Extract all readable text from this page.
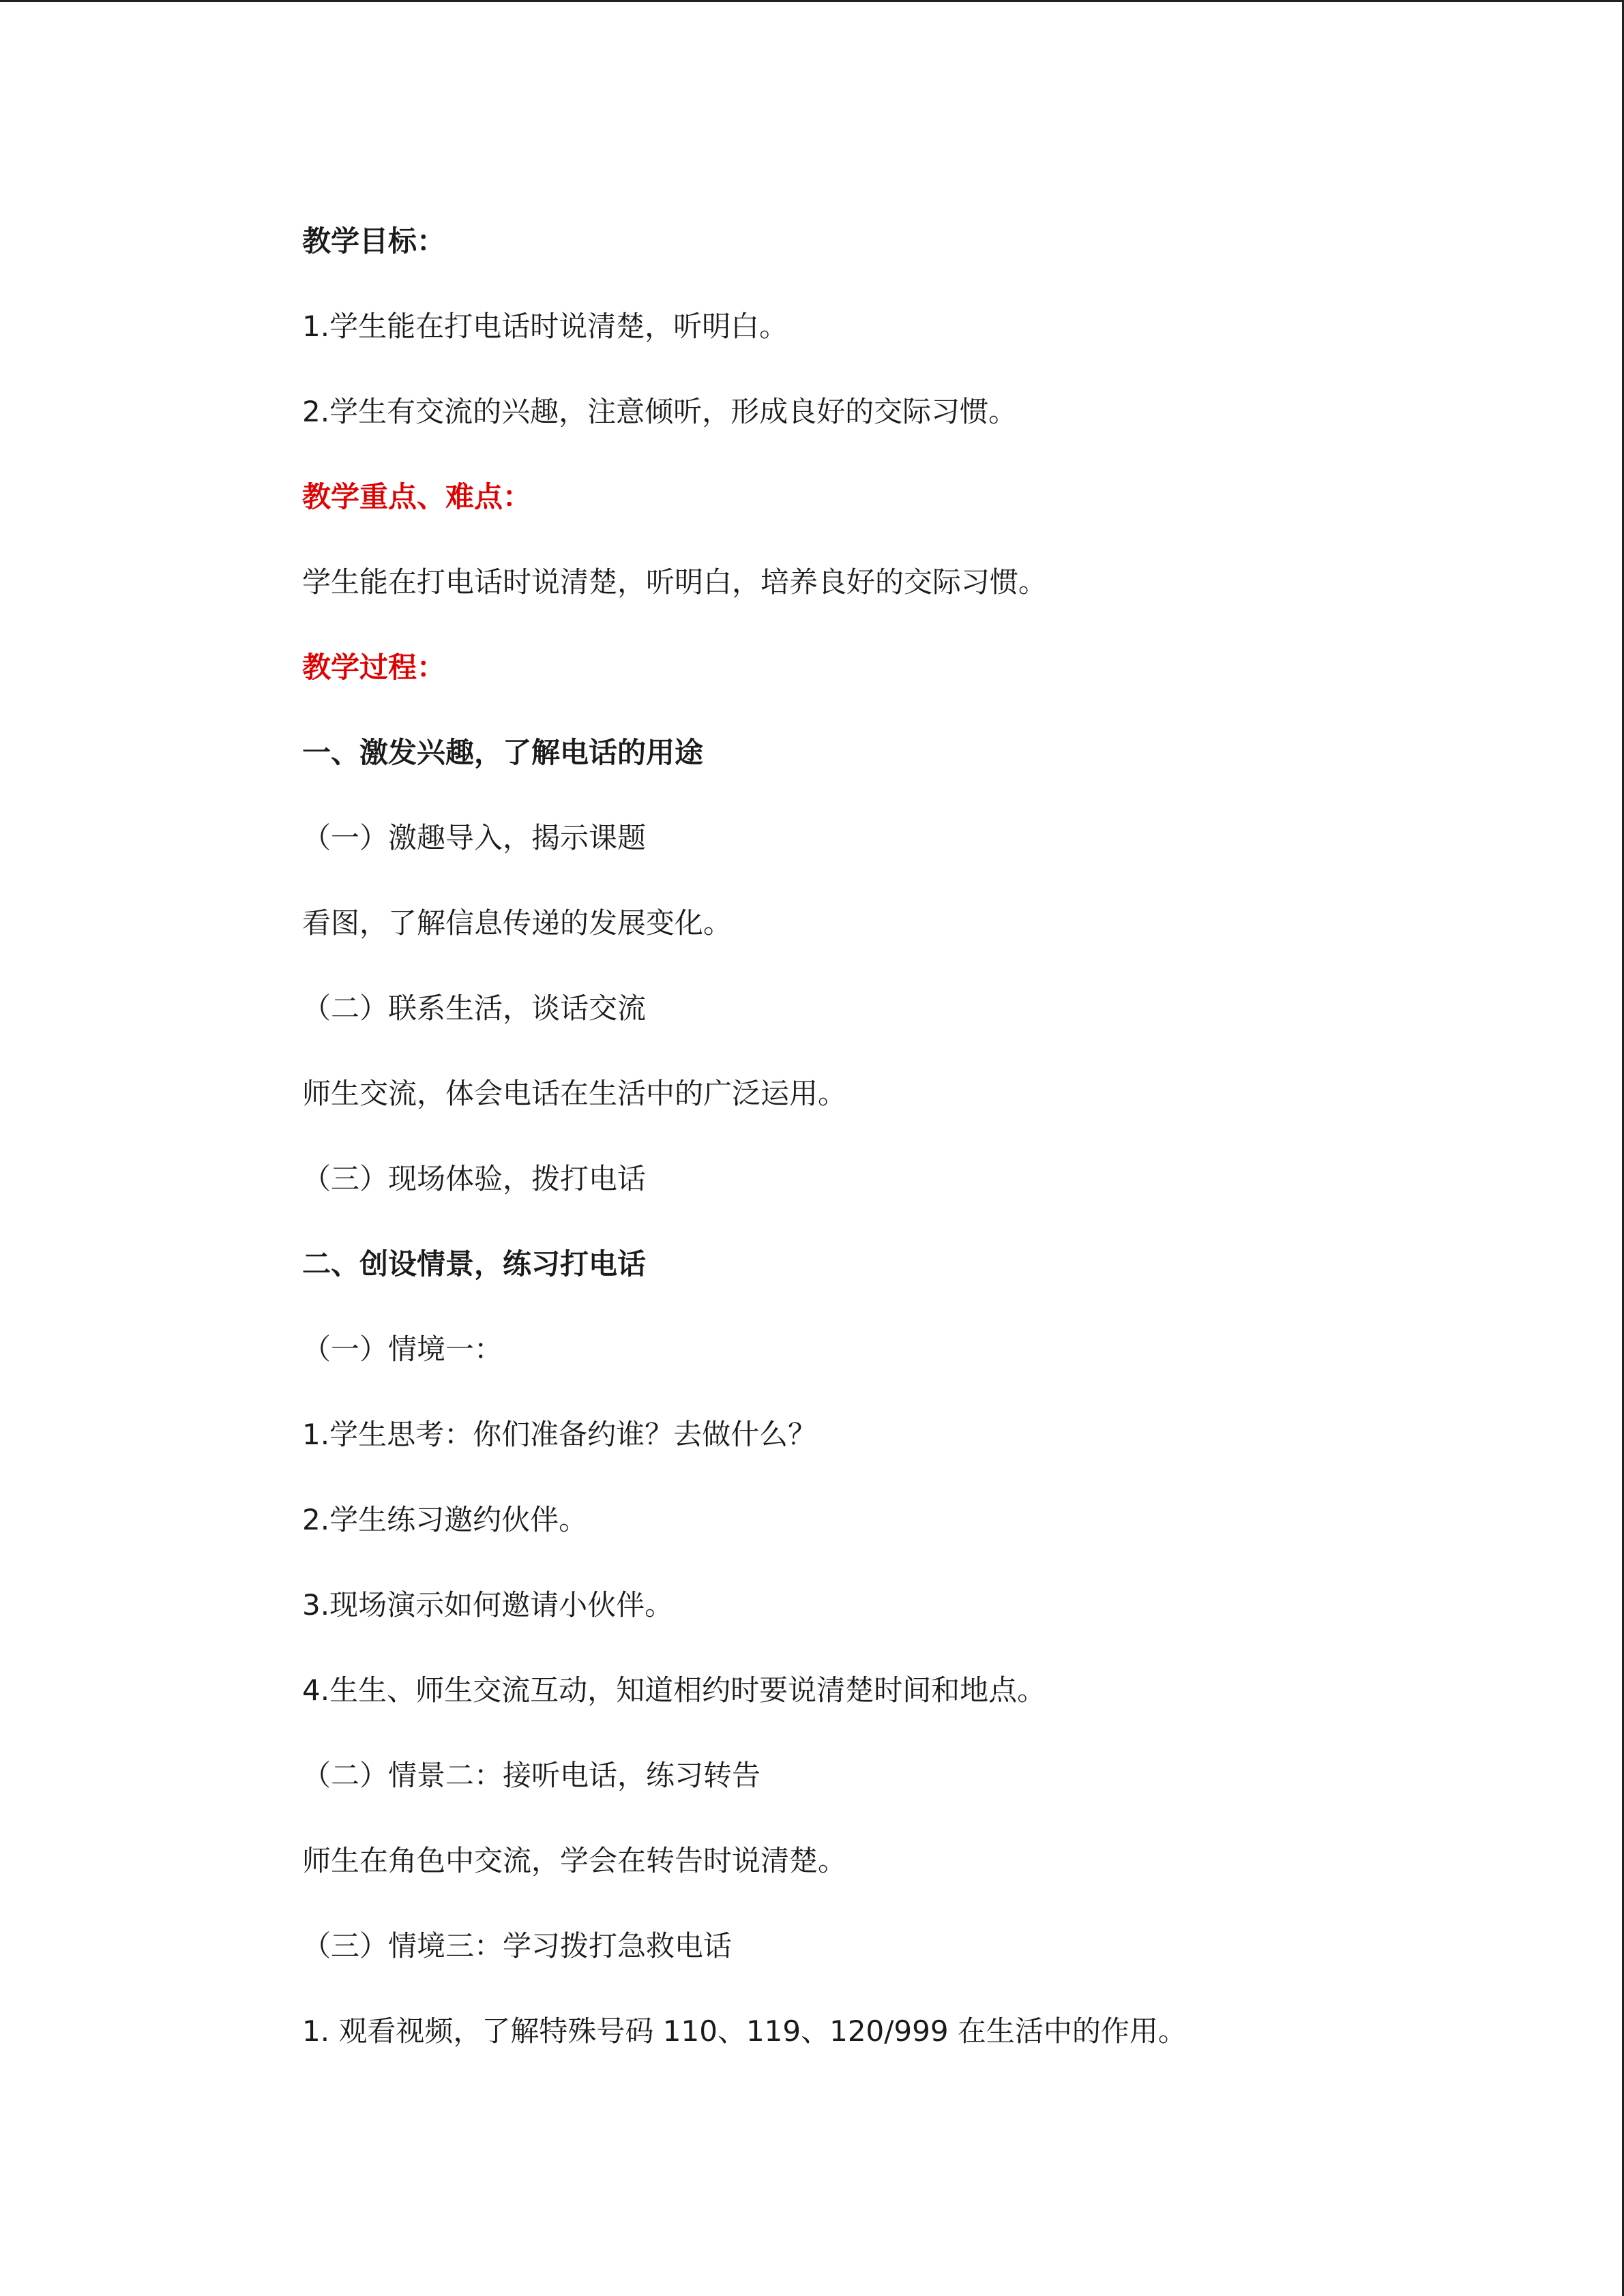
教学目标：
1.学生能在打电话时说清楚，听明白。
2.学生有交流的兴趣，注意倾听，形成良好的交际习惯。
教学重点、难点：
学生能在打电话时说清楚，听明白，培养良好的交际习惯。
教学过程：
一、激发兴趣，了解电话的用途
（一）激趣导入，揭示课题
看图，了解信息传递的发展变化。
（二）联系生活，谈话交流
师生交流，体会电话在生活中的广泛运用。
（三）现场体验，拨打电话
二、创设情景，练习打电话
（一）情境一：
1.学生思考：你们准备约谁？去做什么？
2.学生练习邀约伙伴。
3.现场演示如何邀请小伙伴。
4.生生、师生交流互动，知道相约时要说清楚时间和地点。
（二）情景二：接听电话，练习转告
师生在角色中交流，学会在转告时说清楚。
（三）情境三：学习拨打急救电话
1. 观看视频，了解特殊号码 110、119、120/999 在生活中的作用。
